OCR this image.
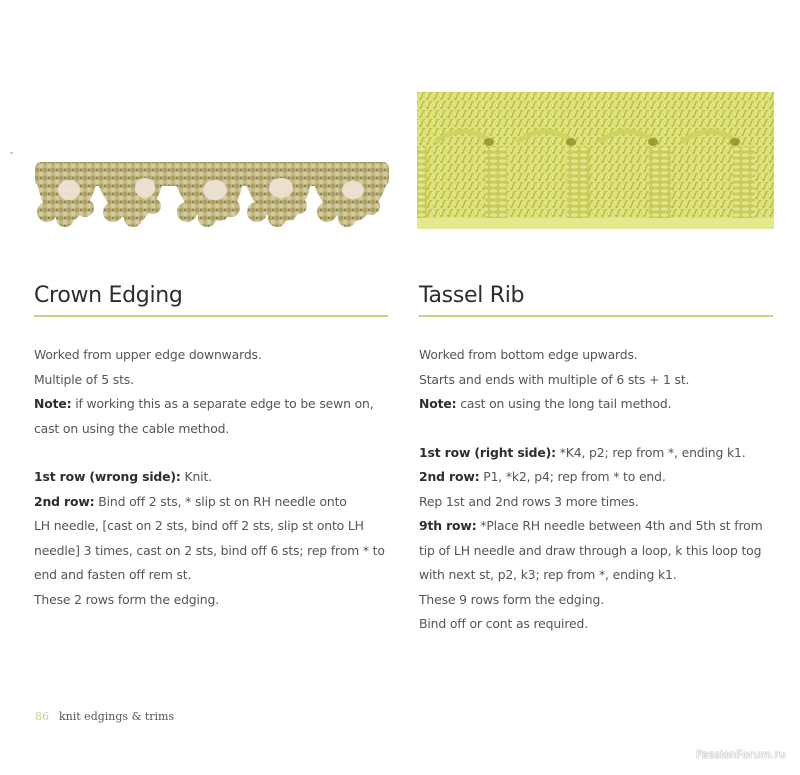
Crown Edging

Worked from upper edge downwards.

Multiple of 5 sts.

Note: if working this as a separate edge to be sewn on,

cast on using the cable method.

1st row (wrong side): Knit.

2nd row: Bind off 2 sts, * slip st on RH needle onto

LH needle, [cast on 2 sts, bind off 2 sts, slip st onto LH

needle] 3 times, cast on 2 sts, bind off 6 sts; rep from * to

end and fasten off rem st.

These 2 rows form the edging.

Tassel Rib

Worked from bottom edge upwards.

Starts and ends with multiple of 6 sts + 1 st.

Note: cast on using the long tail method.

1st row (right side): *K4, p2; rep from *, ending k1.

2nd row: P1, *k2, p4; rep from * to end.

Rep 1st and 2nd rows 3 more times.

9th row: *Place RH needle between 4th and 5th st from

tip of LH needle and draw through a loop, k this loop tog

with next st, p2, k3; rep from *, ending k1.

These 9 rows form the edging.

Bind off or cont as required.

86 knit edgings & trims
PassionForum.ru
